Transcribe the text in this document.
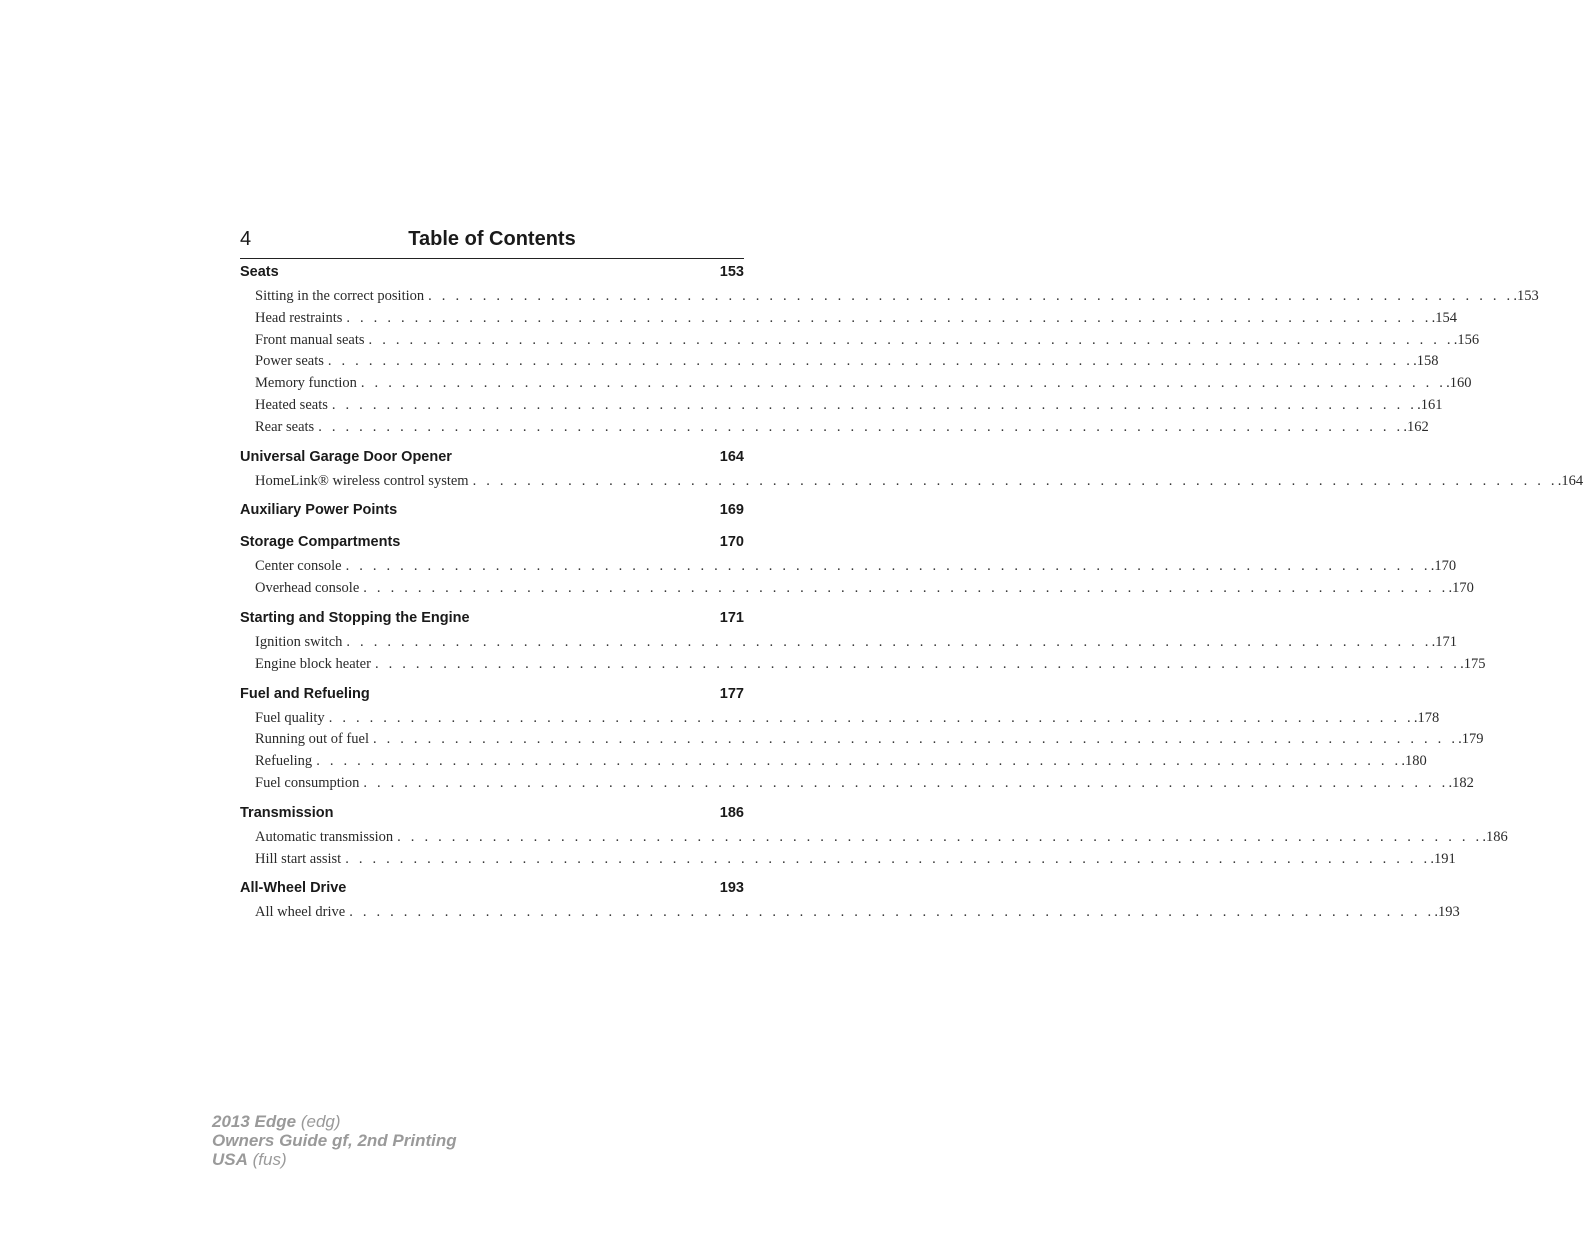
4	Table of Contents
Seats	153
Sitting in the correct position . . . . . . . . . . . . . . . . . . . . . . . . . . . . . . . . . . . . . . . . . . . . . . . . . . . . . . . . . . . . . . . . . . . . . . . . . . . . . . . . .153
Head restraints . . . . . . . . . . . . . . . . . . . . . . . . . . . . . . . . . . . . . . . . . . . . . . . . . . . . . . . . . . . . . . . . . . . . . . . . . . . . . . . . .154
Front manual seats . . . . . . . . . . . . . . . . . . . . . . . . . . . . . . . . . . . . . . . . . . . . . . . . . . . . . . . . . . . . . . . . . . . . . . . . . . . . . . . . .156
Power seats . . . . . . . . . . . . . . . . . . . . . . . . . . . . . . . . . . . . . . . . . . . . . . . . . . . . . . . . . . . . . . . . . . . . . . . . . . . . . . . . .158
Memory function . . . . . . . . . . . . . . . . . . . . . . . . . . . . . . . . . . . . . . . . . . . . . . . . . . . . . . . . . . . . . . . . . . . . . . . . . . . . . . . . .160
Heated seats . . . . . . . . . . . . . . . . . . . . . . . . . . . . . . . . . . . . . . . . . . . . . . . . . . . . . . . . . . . . . . . . . . . . . . . . . . . . . . . . .161
Rear seats . . . . . . . . . . . . . . . . . . . . . . . . . . . . . . . . . . . . . . . . . . . . . . . . . . . . . . . . . . . . . . . . . . . . . . . . . . . . . . . . .162
Universal Garage Door Opener	164
HomeLink® wireless control system . . . . . . . . . . . . . . . . . . . . . . . . . . . . . . . . . . . . . . . . . . . . . . . . . . . . . . . . . . . . . . . . . . . . . . . . . . . . . . . . .164
Auxiliary Power Points	169
Storage Compartments	170
Center console . . . . . . . . . . . . . . . . . . . . . . . . . . . . . . . . . . . . . . . . . . . . . . . . . . . . . . . . . . . . . . . . . . . . . . . . . . . . . . . . .170
Overhead console . . . . . . . . . . . . . . . . . . . . . . . . . . . . . . . . . . . . . . . . . . . . . . . . . . . . . . . . . . . . . . . . . . . . . . . . . . . . . . . . .170
Starting and Stopping the Engine	171
Ignition switch . . . . . . . . . . . . . . . . . . . . . . . . . . . . . . . . . . . . . . . . . . . . . . . . . . . . . . . . . . . . . . . . . . . . . . . . . . . . . . . . .171
Engine block heater . . . . . . . . . . . . . . . . . . . . . . . . . . . . . . . . . . . . . . . . . . . . . . . . . . . . . . . . . . . . . . . . . . . . . . . . . . . . . . . . .175
Fuel and Refueling	177
Fuel quality . . . . . . . . . . . . . . . . . . . . . . . . . . . . . . . . . . . . . . . . . . . . . . . . . . . . . . . . . . . . . . . . . . . . . . . . . . . . . . . . .178
Running out of fuel . . . . . . . . . . . . . . . . . . . . . . . . . . . . . . . . . . . . . . . . . . . . . . . . . . . . . . . . . . . . . . . . . . . . . . . . . . . . . . . . .179
Refueling . . . . . . . . . . . . . . . . . . . . . . . . . . . . . . . . . . . . . . . . . . . . . . . . . . . . . . . . . . . . . . . . . . . . . . . . . . . . . . . . .180
Fuel consumption . . . . . . . . . . . . . . . . . . . . . . . . . . . . . . . . . . . . . . . . . . . . . . . . . . . . . . . . . . . . . . . . . . . . . . . . . . . . . . . . .182
Transmission	186
Automatic transmission . . . . . . . . . . . . . . . . . . . . . . . . . . . . . . . . . . . . . . . . . . . . . . . . . . . . . . . . . . . . . . . . . . . . . . . . . . . . . . . . .186
Hill start assist . . . . . . . . . . . . . . . . . . . . . . . . . . . . . . . . . . . . . . . . . . . . . . . . . . . . . . . . . . . . . . . . . . . . . . . . . . . . . . . . .191
All-Wheel Drive	193
All wheel drive . . . . . . . . . . . . . . . . . . . . . . . . . . . . . . . . . . . . . . . . . . . . . . . . . . . . . . . . . . . . . . . . . . . . . . . . . . . . . . . . .193
2013 Edge (edg)
Owners Guide gf, 2nd Printing
USA (fus)
